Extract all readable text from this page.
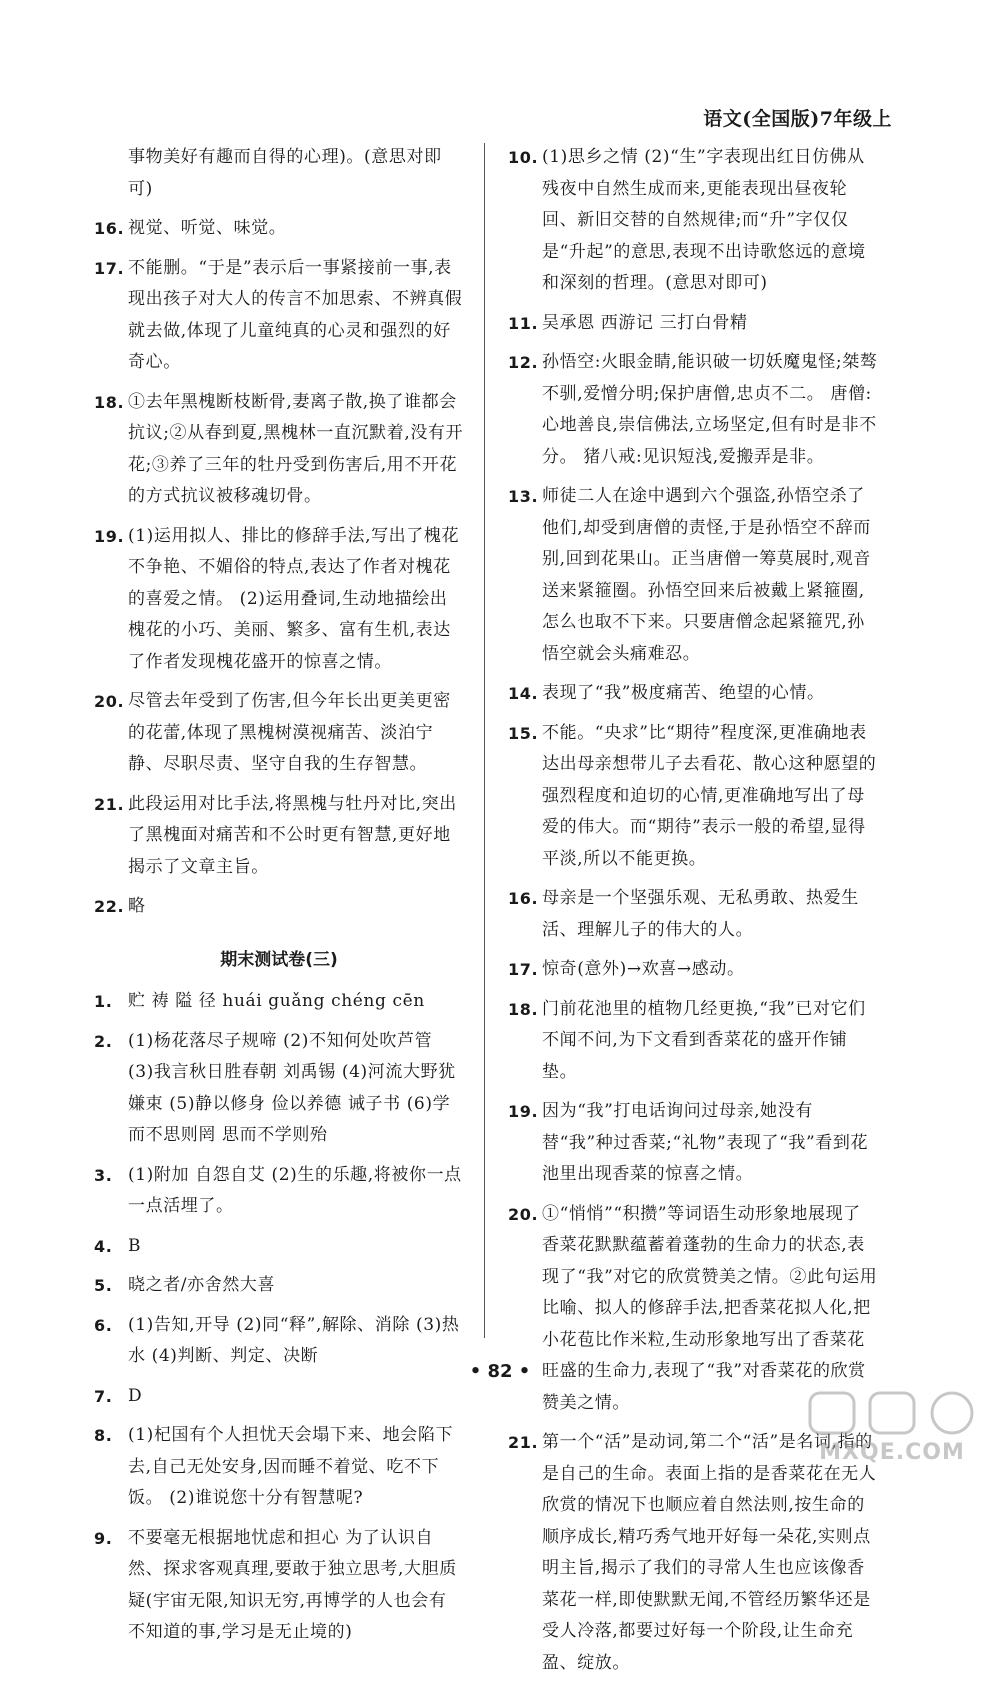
语文(全国版)7年级上
事物美好有趣而自得的心理)。(意思对即可)
16. 视觉、听觉、味觉。
17. 不能删。“于是”表示后一事紧接前一事,表现出孩子对大人的传言不加思索、不辨真假就去做,体现了儿童纯真的心灵和强烈的好奇心。
18. ①去年黑槐断枝断骨,妻离子散,换了谁都会抗议;②从春到夏,黑槐林一直沉默着,没有开花;③养了三年的牡丹受到伤害后,用不开花的方式抗议被移魂切骨。
19. (1)运用拟人、排比的修辞手法,写出了槐花不争艳、不媚俗的特点,表达了作者对槐花的喜爱之情。 (2)运用叠词,生动地描绘出槐花的小巧、美丽、繁多、富有生机,表达了作者发现槐花盛开的惊喜之情。
20. 尽管去年受到了伤害,但今年长出更美更密的花蕾,体现了黑槐树漠视痛苦、淡泊宁静、尽职尽责、坚守自我的生存智慧。
21. 此段运用对比手法,将黑槐与牡丹对比,突出了黑槐面对痛苦和不公时更有智慧,更好地揭示了文章主旨。
22. 略
期末测试卷(三)
1. 贮 祷 隘 径 huái guǎng chéng cēn
2. (1)杨花落尽子规啼 (2)不知何处吹芦管 (3)我言秋日胜春朝 刘禹锡 (4)河流大野犹嫌束 (5)静以修身 俭以养德 诫子书 (6)学而不思则罔 思而不学则殆
3. (1)附加 自怨自艾 (2)生的乐趣,将被你一点一点活埋了。
4. B
5. 晓之者/亦舍然大喜
6. (1)告知,开导 (2)同“释”,解除、消除 (3)热水 (4)判断、判定、决断
7. D
8. (1)杞国有个人担忧天会塌下来、地会陷下去,自己无处安身,因而睡不着觉、吃不下饭。 (2)谁说您十分有智慧呢?
9. 不要毫无根据地忧虑和担心 为了认识自然、探求客观真理,要敢于独立思考,大胆质疑(宇宙无限,知识无穷,再博学的人也会有不知道的事,学习是无止境的)
10. (1)思乡之情 (2)“生”字表现出红日仿佛从残夜中自然生成而来,更能表现出昼夜轮回、新旧交替的自然规律;而“升”字仅仅是“升起”的意思,表现不出诗歌悠远的意境和深刻的哲理。(意思对即可)
11. 吴承恩 西游记 三打白骨精
12. 孙悟空:火眼金睛,能识破一切妖魔鬼怪;桀骜不驯,爱憎分明;保护唐僧,忠贞不二。 唐僧:心地善良,崇信佛法,立场坚定,但有时是非不分。 猪八戒:见识短浅,爱搬弄是非。
13. 师徒二人在途中遇到六个强盗,孙悟空杀了他们,却受到唐僧的责怪,于是孙悟空不辞而别,回到花果山。正当唐僧一筹莫展时,观音送来紧箍圈。孙悟空回来后被戴上紧箍圈,怎么也取不下来。只要唐僧念起紧箍咒,孙悟空就会头痛难忍。
14. 表现了“我”极度痛苦、绝望的心情。
15. 不能。“央求”比“期待”程度深,更准确地表达出母亲想带儿子去看花、散心这种愿望的强烈程度和迫切的心情,更准确地写出了母爱的伟大。而“期待”表示一般的希望,显得平淡,所以不能更换。
16. 母亲是一个坚强乐观、无私勇敢、热爱生活、理解儿子的伟大的人。
17. 惊奇(意外)→欢喜→感动。
18. 门前花池里的植物几经更换,“我”已对它们不闻不问,为下文看到香菜花的盛开作铺垫。
19. 因为“我”打电话询问过母亲,她没有替“我”种过香菜;“礼物”表现了“我”看到花池里出现香菜的惊喜之情。
20. ①“悄悄”“积攒”等词语生动形象地展现了香菜花默默蕴蓄着蓬勃的生命力的状态,表现了“我”对它的欣赏赞美之情。②此句运用比喻、拟人的修辞手法,把香菜花拟人化,把小花苞比作米粒,生动形象地写出了香菜花旺盛的生命力,表现了“我”对香菜花的欣赏赞美之情。
21. 第一个“活”是动词,第二个“活”是名词,指的是自己的生命。表面上指的是香菜花在无人欣赏的情况下也顺应着自然法则,按生命的顺序成长,精巧秀气地开好每一朵花,实则点明主旨,揭示了我们的寻常人生也应该像香菜花一样,即使默默无闻,不管经历繁华还是受人冷落,都要过好每一个阶段,让生命充盈、绽放。
• 82 •
MXQE.COM
